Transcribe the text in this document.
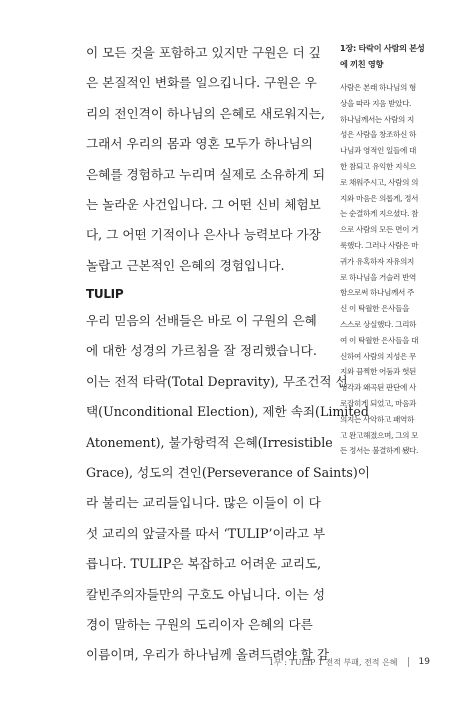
이 모든 것을 포함하고 있지만 구원은 더 깊
은 본질적인 변화를 일으킵니다. 구원은 우
리의 전인격이 하나님의 은혜로 새로워지는,
그래서 우리의 몸과 영혼 모두가 하나님의
은혜를 경험하고 누리며 실제로 소유하게 되
는 놀라운 사건입니다. 그 어떤 신비 체험보
다, 그 어떤 기적이나 은사나 능력보다 가장
놀랍고 근본적인 은혜의 경험입니다.
TULIP
우리 믿음의 선배들은 바로 이 구원의 은혜
에 대한 성경의 가르침을 잘 정리했습니다.
이는 전적 타락(Total Depravity), 무조건적 선
택(Unconditional Election), 제한 속죄(Limited
Atonement), 불가항력적 은혜(Irresistible
Grace), 성도의 견인(Perseverance of Saints)이
라 불리는 교리들입니다. 많은 이들이 이 다
섯 교리의 앞글자를 따서 ‘TULIP’이라고 부
릅니다. TULIP은 복잡하고 어려운 교리도,
칼빈주의자들만의 구호도 아닙니다. 이는 성
경이 말하는 구원의 도리이자 은혜의 다른
이름이며, 우리가 하나님께 올려드려야 할 감
1장: 타락이 사람의 본성
에 끼친 영향
사람은 본래 하나님의 형
상을 따라 지음 받았다.
하나님께서는 사람의 지
성은 사람을 창조하신 하
나님과 영적인 일들에 대
한 참되고 유익한 지식으
로 채워주시고, 사람의 의
지와 마음은 의롭게, 정서
는 순결하게 지으셨다. 참
으로 사람의 모든 면이 거
룩했다. 그러나 사람은 마
귀가 유혹하자 자유의지
로 하나님을 거슬러 반역
함으로써 하나님께서 주
신 이 탁월한 은사들을
스스로 상실했다. 그리하
여 이 탁월한 은사들을 대
신하여 사람의 지성은 무
지와 끔찍한 어둠과 헛된
생각과 왜곡된 판단에 사
로잡히게 되었고, 마음과
의지는 사악하고 패역하
고 완고해졌으며, 그의 모
든 정서는 불결하게 됐다.
1부 : TULIP 1 전적 부패, 전적 은혜 19
